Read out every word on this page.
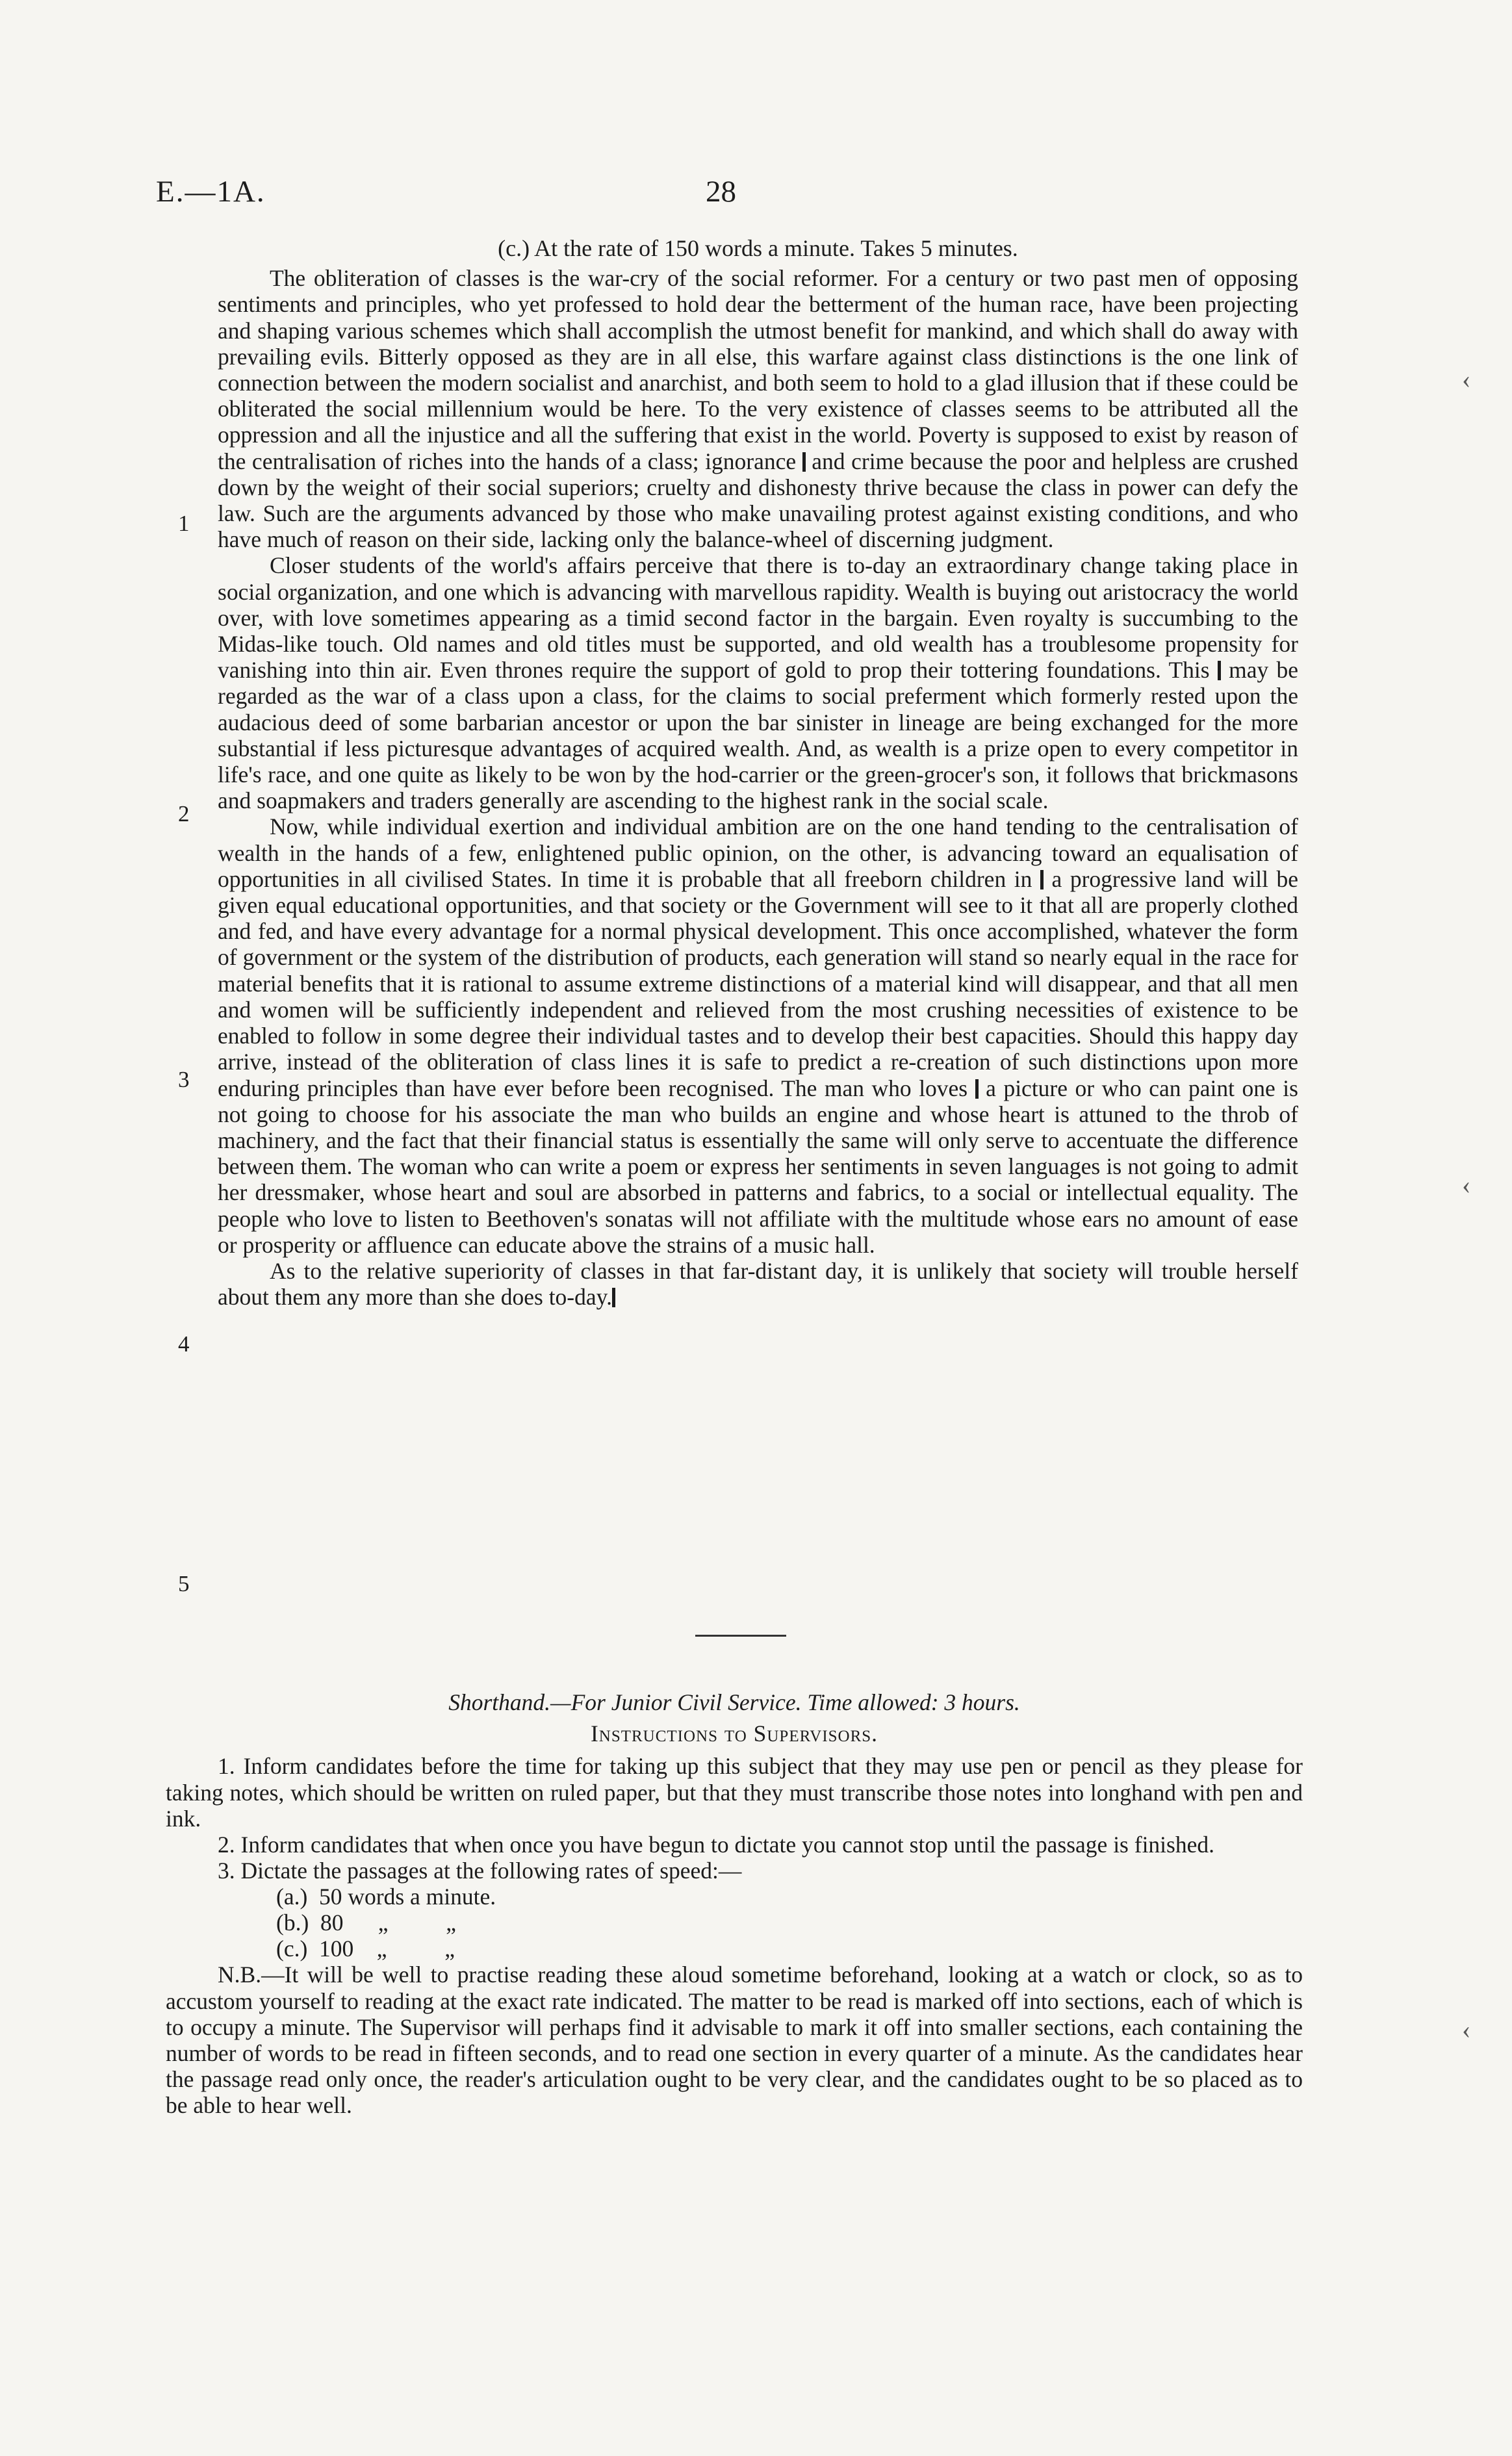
E.—1A.	28

(c.) At the rate of 150 words a minute. Takes 5 minutes.

The obliteration of classes is the war-cry of the social reformer. For a century or two past men of opposing sentiments and principles, who yet professed to hold dear the betterment of the human race, have been projecting and shaping various schemes which shall accomplish the utmost benefit for mankind, and which shall do away with prevailing evils. Bitterly opposed as they are in all else, this warfare against class distinctions is the one link of connection between the modern socialist and anarchist, and both seem to hold to a glad illusion that if these could be obliterated the social millennium would be here. To the very existence of classes seems to be attributed all the oppression and all the injustice and all the suffering that exist in the world. Poverty is supposed to exist by reason of the centralisation of riches into the hands of a class; ignorance and crime because the poor and helpless are crushed down by the weight of their social superiors; cruelty and dishonesty thrive because the class in power can defy the law. Such are the arguments advanced by those who make unavailing protest against existing conditions, and who have much of reason on their side, lacking only the balance-wheel of discerning judgment.

Closer students of the world's affairs perceive that there is to-day an extraordinary change taking place in social organization, and one which is advancing with marvellous rapidity. Wealth is buying out aristocracy the world over, with love sometimes appearing as a timid second factor in the bargain. Even royalty is succumbing to the Midas-like touch. Old names and old titles must be supported, and old wealth has a troublesome propensity for vanishing into thin air. Even thrones require the support of gold to prop their tottering foundations. This may be regarded as the war of a class upon a class, for the claims to social preferment which formerly rested upon the audacious deed of some barbarian ancestor or upon the bar sinister in lineage are being exchanged for the more substantial if less picturesque advantages of acquired wealth. And, as wealth is a prize open to every competitor in life's race, and one quite as likely to be won by the hod-carrier or the green-grocer's son, it follows that brickmasons and soapmakers and traders generally are ascending to the highest rank in the social scale.

Now, while individual exertion and individual ambition are on the one hand tending to the centralisation of wealth in the hands of a few, enlightened public opinion, on the other, is advancing toward an equalisation of opportunities in all civilised States. In time it is probable that all freeborn children in a progressive land will be given equal educational opportunities, and that society or the Government will see to it that all are properly clothed and fed, and have every advantage for a normal physical development. This once accomplished, whatever the form of government or the system of the distribution of products, each generation will stand so nearly equal in the race for material benefits that it is rational to assume extreme distinctions of a material kind will disappear, and that all men and women will be sufficiently independent and relieved from the most crushing necessities of existence to be enabled to follow in some degree their individual tastes and to develop their best capacities. Should this happy day arrive, instead of the obliteration of class lines it is safe to predict a re-creation of such distinctions upon more enduring principles than have ever before been recognised. The man who loves a picture or who can paint one is not going to choose for his associate the man who builds an engine and whose heart is attuned to the throb of machinery, and the fact that their financial status is essentially the same will only serve to accentuate the difference between them. The woman who can write a poem or express her sentiments in seven languages is not going to admit her dressmaker, whose heart and soul are absorbed in patterns and fabrics, to a social or intellectual equality. The people who love to listen to Beethoven's sonatas will not affiliate with the multitude whose ears no amount of ease or prosperity or affluence can educate above the strains of a music hall.

As to the relative superiority of classes in that far-distant day, it is unlikely that society will trouble herself about them any more than she does to-day.

1
2
3
4
5

Shorthand.—For Junior Civil Service. Time allowed: 3 hours.

Instructions to Supervisors.

1. Inform candidates before the time for taking up this subject that they may use pen or pencil as they please for taking notes, which should be written on ruled paper, but that they must transcribe those notes into longhand with pen and ink.

2. Inform candidates that when once you have begun to dictate you cannot stop until the passage is finished.

3. Dictate the passages at the following rates of speed:—

(a.)  50 words a minute.
(b.)  80      „          „
(c.)  100    „          „

N.B.—It will be well to practise reading these aloud sometime beforehand, looking at a watch or clock, so as to accustom yourself to reading at the exact rate indicated. The matter to be read is marked off into sections, each of which is to occupy a minute. The Supervisor will perhaps find it advisable to mark it off into smaller sections, each containing the number of words to be read in fifteen seconds, and to read one section in every quarter of a minute. As the candidates hear the passage read only once, the reader's articulation ought to be very clear, and the candidates ought to be so placed as to be able to hear well.

‹
‹
‹
